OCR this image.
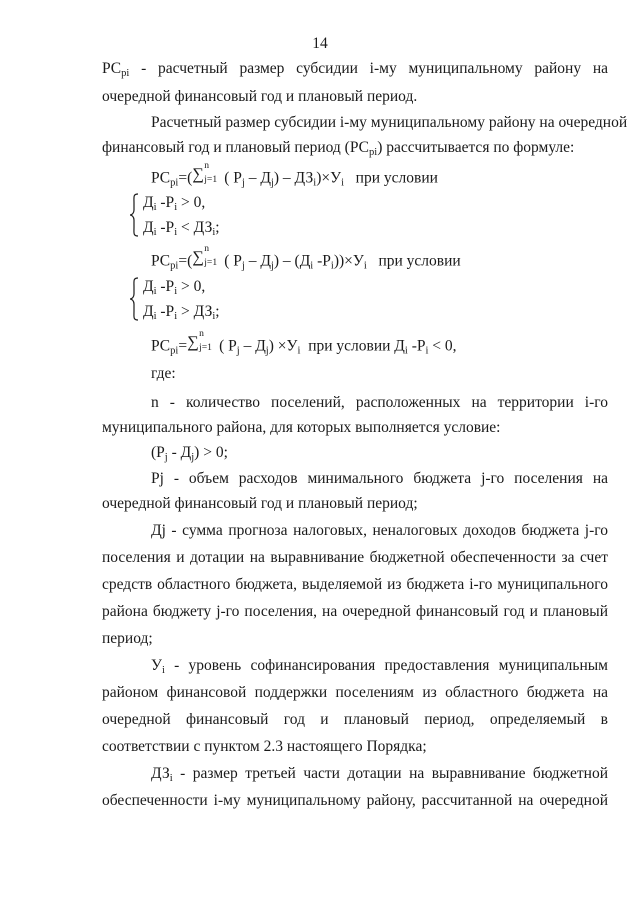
14
$РС_{pi}$ - расчетный размер субсидии i-му муниципальному району на
очередной финансовый год и плановый период.
Расчетный размер субсидии i-му муниципальному району на очередной
финансовый год и плановый период $(РС_{pi})$ рассчитывается по формуле:
$РС_{pi}=$( ∑ n
j=1 ( $Р_j - Д_j) - ДЗ_i)\times У_i$ при условии
$Д_i$ $-Р_i > 0$,
$Д_i$ $-Р_i < ДЗ_i$;
$РС_{pi}=$( ∑ n
j=1 ( $Р_j - Д_j) - (Д_i$ $-Р_i))\times У_i$ при условии
$Д_i$ $-Р_i > 0$,
$Д_i$ $-Р_i > ДЗ_i$;
$РС_{pi}=$ ∑ n
j=1 ( $Р_j - Д_j) \times У_i$ при условии $Д_i$ $-Р_i < 0$,
где:
n - количество поселений, расположенных на территории i-го
муниципального района, для которых выполняется условие:
$(Р_j - Д_j) > 0$;
Рj - объем расходов минимального бюджета j-го поселения на
очередной финансовый год и плановый период;
Дj - сумма прогноза налоговых, неналоговых доходов бюджета j-го
поселения и дотации на выравнивание бюджетной обеспеченности за счет
средств областного бюджета, выделяемой из бюджета i-го муниципального
района бюджету j-го поселения, на очередной финансовый год и плановый
период;
$У_i$ - уровень софинансирования предоставления муниципальным
районом финансовой поддержки поселениям из областного бюджета на
очередной финансовый год и плановый период, определяемый в
соответствии с пунктом 2.3 настоящего Порядка;
$ДЗ_i$ - размер третьей части дотации на выравнивание бюджетной
обеспеченности i-му муниципальному району, рассчитанной на очередной
